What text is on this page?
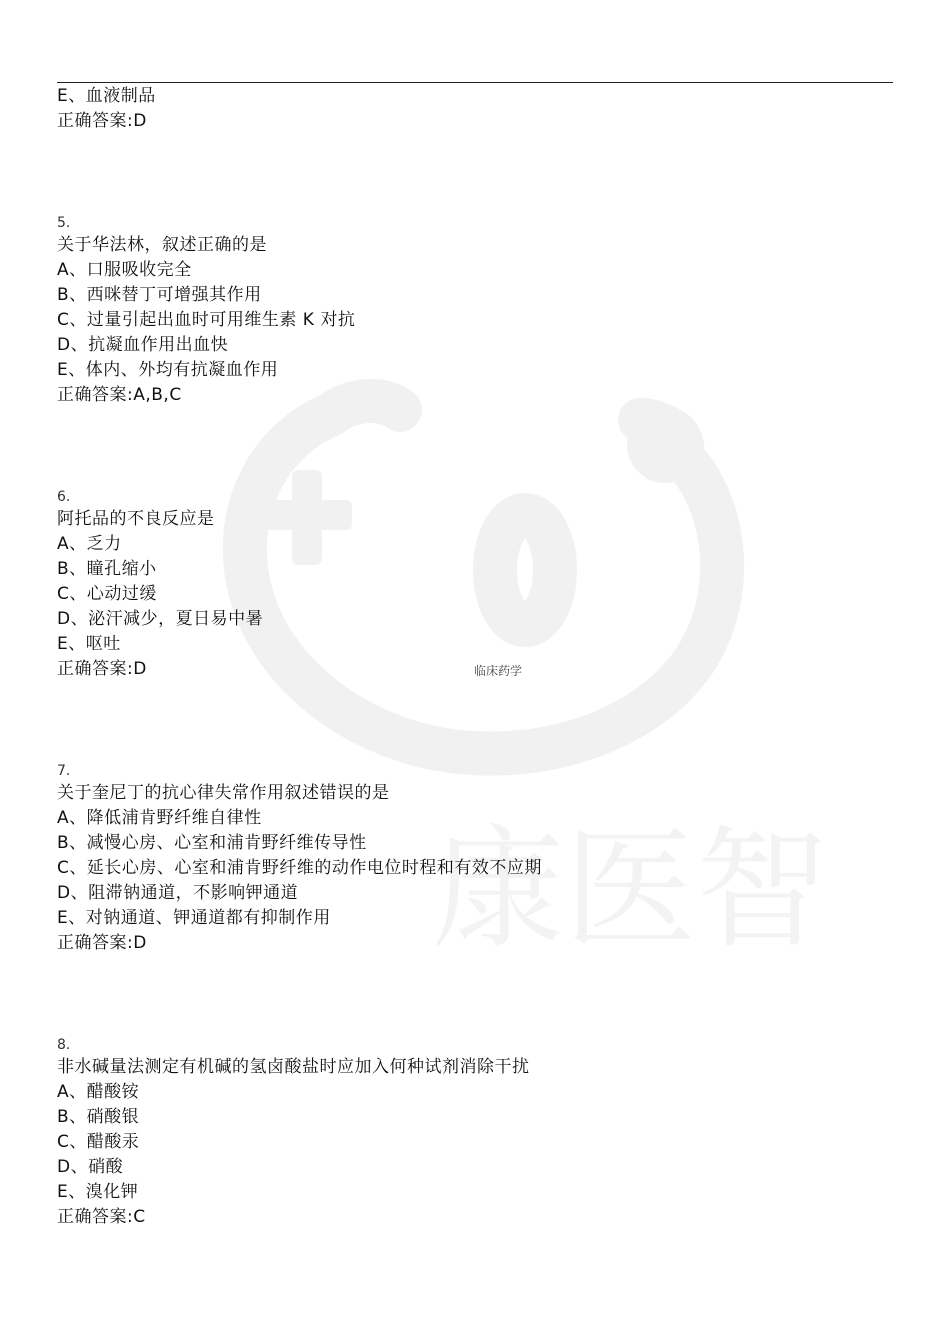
康医智
临床药学
E、血液制品
正确答案:D
5.
关于华法林，叙述正确的是
A、口服吸收完全
B、西咪替丁可增强其作用
C、过量引起出血时可用维生素 K 对抗
D、抗凝血作用出血快
E、体内、外均有抗凝血作用
正确答案:A,B,C
6.
阿托品的不良反应是
A、乏力
B、瞳孔缩小
C、心动过缓
D、泌汗减少，夏日易中暑
E、呕吐
正确答案:D
7.
关于奎尼丁的抗心律失常作用叙述错误的是
A、降低浦肯野纤维自律性
B、减慢心房、心室和浦肯野纤维传导性
C、延长心房、心室和浦肯野纤维的动作电位时程和有效不应期
D、阻滞钠通道，不影响钾通道
E、对钠通道、钾通道都有抑制作用
正确答案:D
8.
非水碱量法测定有机碱的氢卤酸盐时应加入何种试剂消除干扰
A、醋酸铵
B、硝酸银
C、醋酸汞
D、硝酸
E、溴化钾
正确答案:C
